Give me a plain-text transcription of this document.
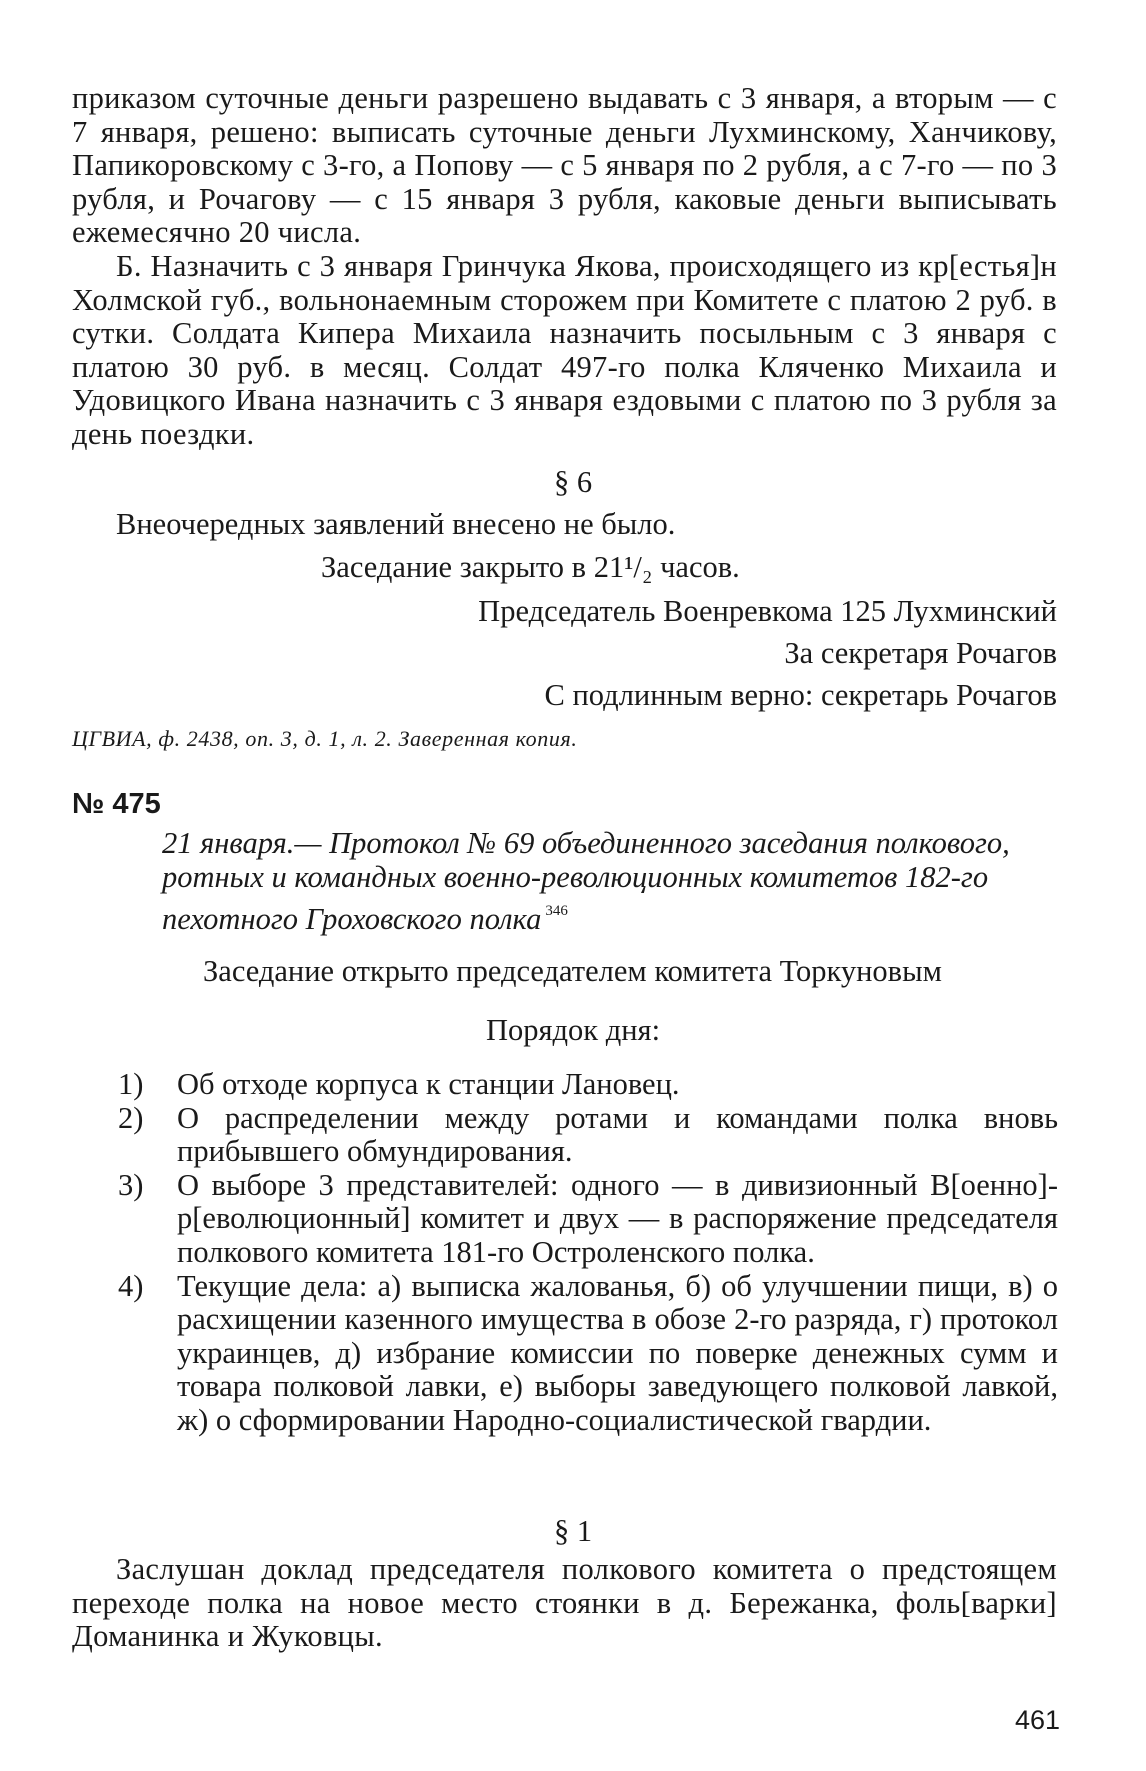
приказом суточные деньги разрешено выдавать с 3 января, а вторым — с 7 января, решено: выписать суточные деньги Лухминскому, Ханчикову, Папикоровскому с 3-го, а Попову — с 5 января по 2 рубля, а с 7-го — по 3 рубля, и Рочагову — с 15 января 3 рубля, каковые деньги выписывать ежемесячно 20 числа.

Б. Назначить с 3 января Гринчука Якова, происходящего из кр[естья]н Холмской губ., вольнонаемным сторожем при Комитете с платою 2 руб. в сутки. Солдата Кипера Михаила назначить посыльным с 3 января с платою 30 руб. в месяц. Солдат 497-го полка Кляченко Михаила и Удовицкого Ивана назначить с 3 января ездовыми с платою по 3 рубля за день поездки.

§ 6
Внеочередных заявлений внесено не было.
Заседание закрыто в 21¹/₂ часов.
Председатель Военревкома 125 Лухминский
За секретаря Рочагов
С подлинным верно: секретарь Рочагов
ЦГВИА, ф. 2438, оп. 3, д. 1, л. 2. Заверенная копия.
№ 475
21 января.— Протокол № 69 объединенного заседания полкового, ротных и командных военно-революционных комитетов 182-го пехотного Гроховского полка $^{346}$
Заседание открыто председателем комитета Торкуновым
Порядок дня:
1) Об отходе корпуса к станции Лановец.
2) О распределении между ротами и командами полка вновь прибывшего обмундирования.
3) О выборе 3 представителей: одного — в дивизионный В[оенно]-р[еволюционный] комитет и двух — в распоряжение председателя полкового комитета 181-го Остроленского полка.
4) Текущие дела: а) выписка жалованья, б) об улучшении пищи, в) о расхищении казенного имущества в обозе 2-го разряда, г) протокол украинцев, д) избрание комиссии по поверке денежных сумм и товара полковой лавки, е) выборы заведующего полковой лавкой, ж) о сформировании Народно-социалистической гвардии.
§ 1

Заслушан доклад председателя полкового комитета о предстоящем переходе полка на новое место стоянки в д. Бережанка, фоль[варки] Доманинка и Жуковцы.

461
